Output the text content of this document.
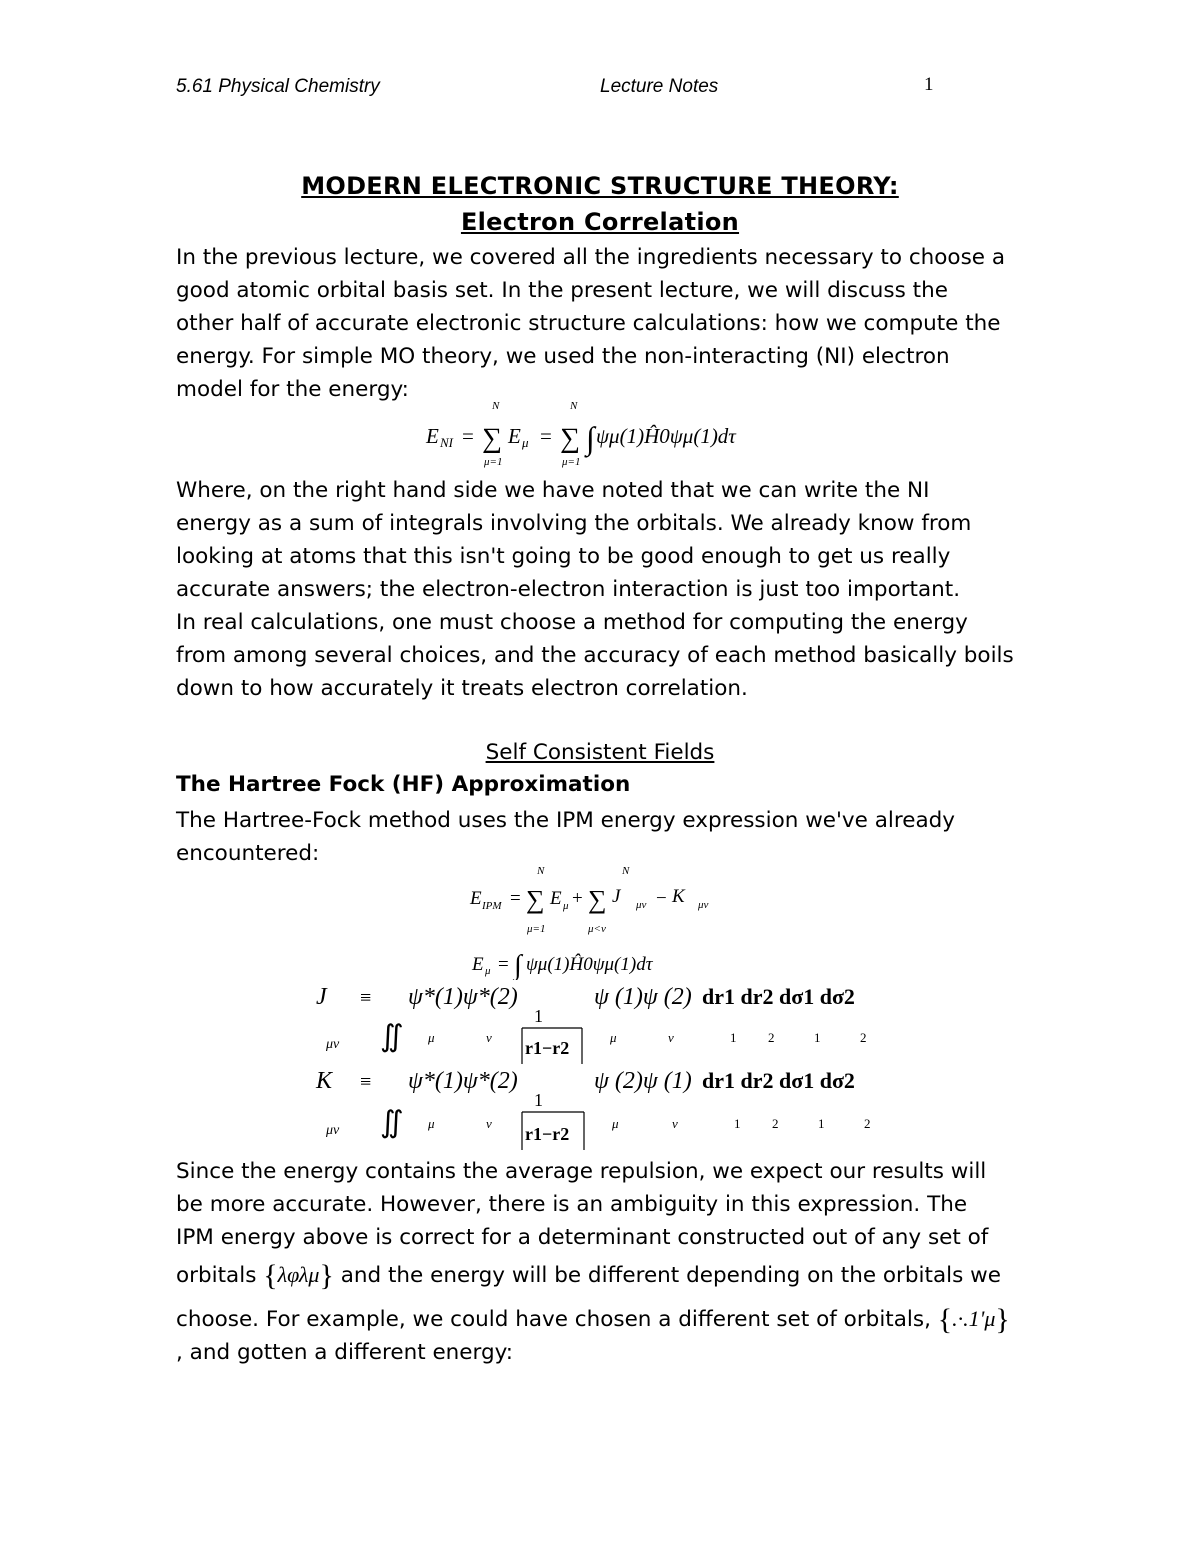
5.61 Physical Chemistry	Lecture Notes	1
MODERN ELECTRONIC STRUCTURE THEORY:
Electron Correlation
In the previous lecture, we covered all the ingredients necessary to choose a
good atomic orbital basis set. In the present lecture, we will discuss the
other half of accurate electronic structure calculations: how we compute the
energy. For simple MO theory, we used the non-interacting (NI) electron
model for the energy:
E NI = ∑
N
μ=1
E μ = ∑
N
μ=1
∫ ψμ(1)Ĥ0ψμ(1)dτ
Where, on the right hand side we have noted that we can write the NI
energy as a sum of integrals involving the orbitals. We already know from
looking at atoms that this isn't going to be good enough to get us really
accurate answers; the electron-electron interaction is just too important.
In real calculations, one must choose a method for computing the energy
from among several choices, and the accuracy of each method basically boils
down to how accurately it treats electron correlation.
Self Consistent Fields
The Hartree Fock (HF) Approximation
The Hartree-Fock method uses the IPM energy expression we've already
encountered:
E IPM = ∑
N
μ=1
E μ + ∑
N
μ<ν
J μν − K μν
E μ = ∫ ψμ(1)Ĥ0ψμ(1)dτ
J
μν
≡
∬
ψ*(1)ψ*(2)
μ	ν
1
r1−r2
ψ (1)ψ (2)
μ	ν
dr1 dr2 dσ1 dσ2
1 2	1	2
K
μν
≡
∬
ψ*(1)ψ*(2)
μ	ν
1
r1−r2
ψ (2)ψ (1)
μ	ν
dr1 dr2 dσ1 dσ2
1 2	1	2
Since the energy contains the average repulsion, we expect our results will
be more accurate. However, there is an ambiguity in this expression. The
IPM energy above is correct for a determinant constructed out of any set of
orbitals {λφλμ} and the energy will be different depending on the orbitals we
choose. For example, we could have chosen a different set of orbitals, {.·.1'μ}
, and gotten a different energy:
